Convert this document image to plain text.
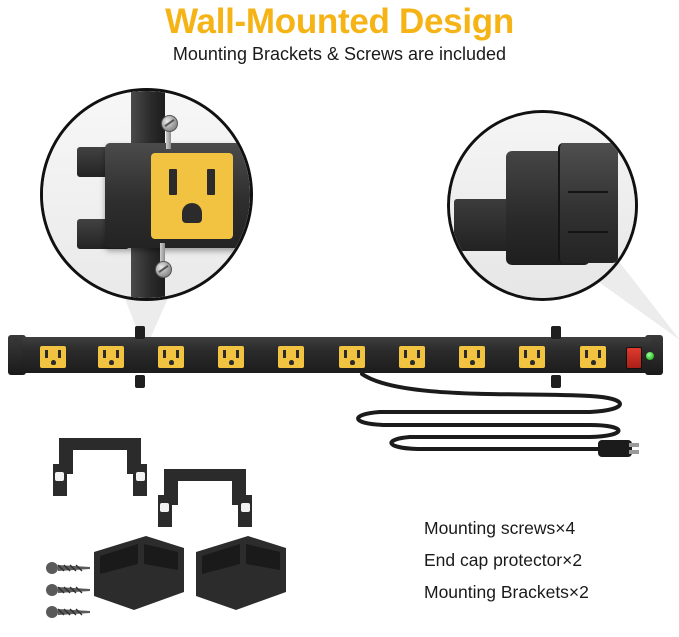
Wall-Mounted Design
Mounting Brackets & Screws are included
Mounting screws×4
End cap protector×2
Mounting Brackets×2
